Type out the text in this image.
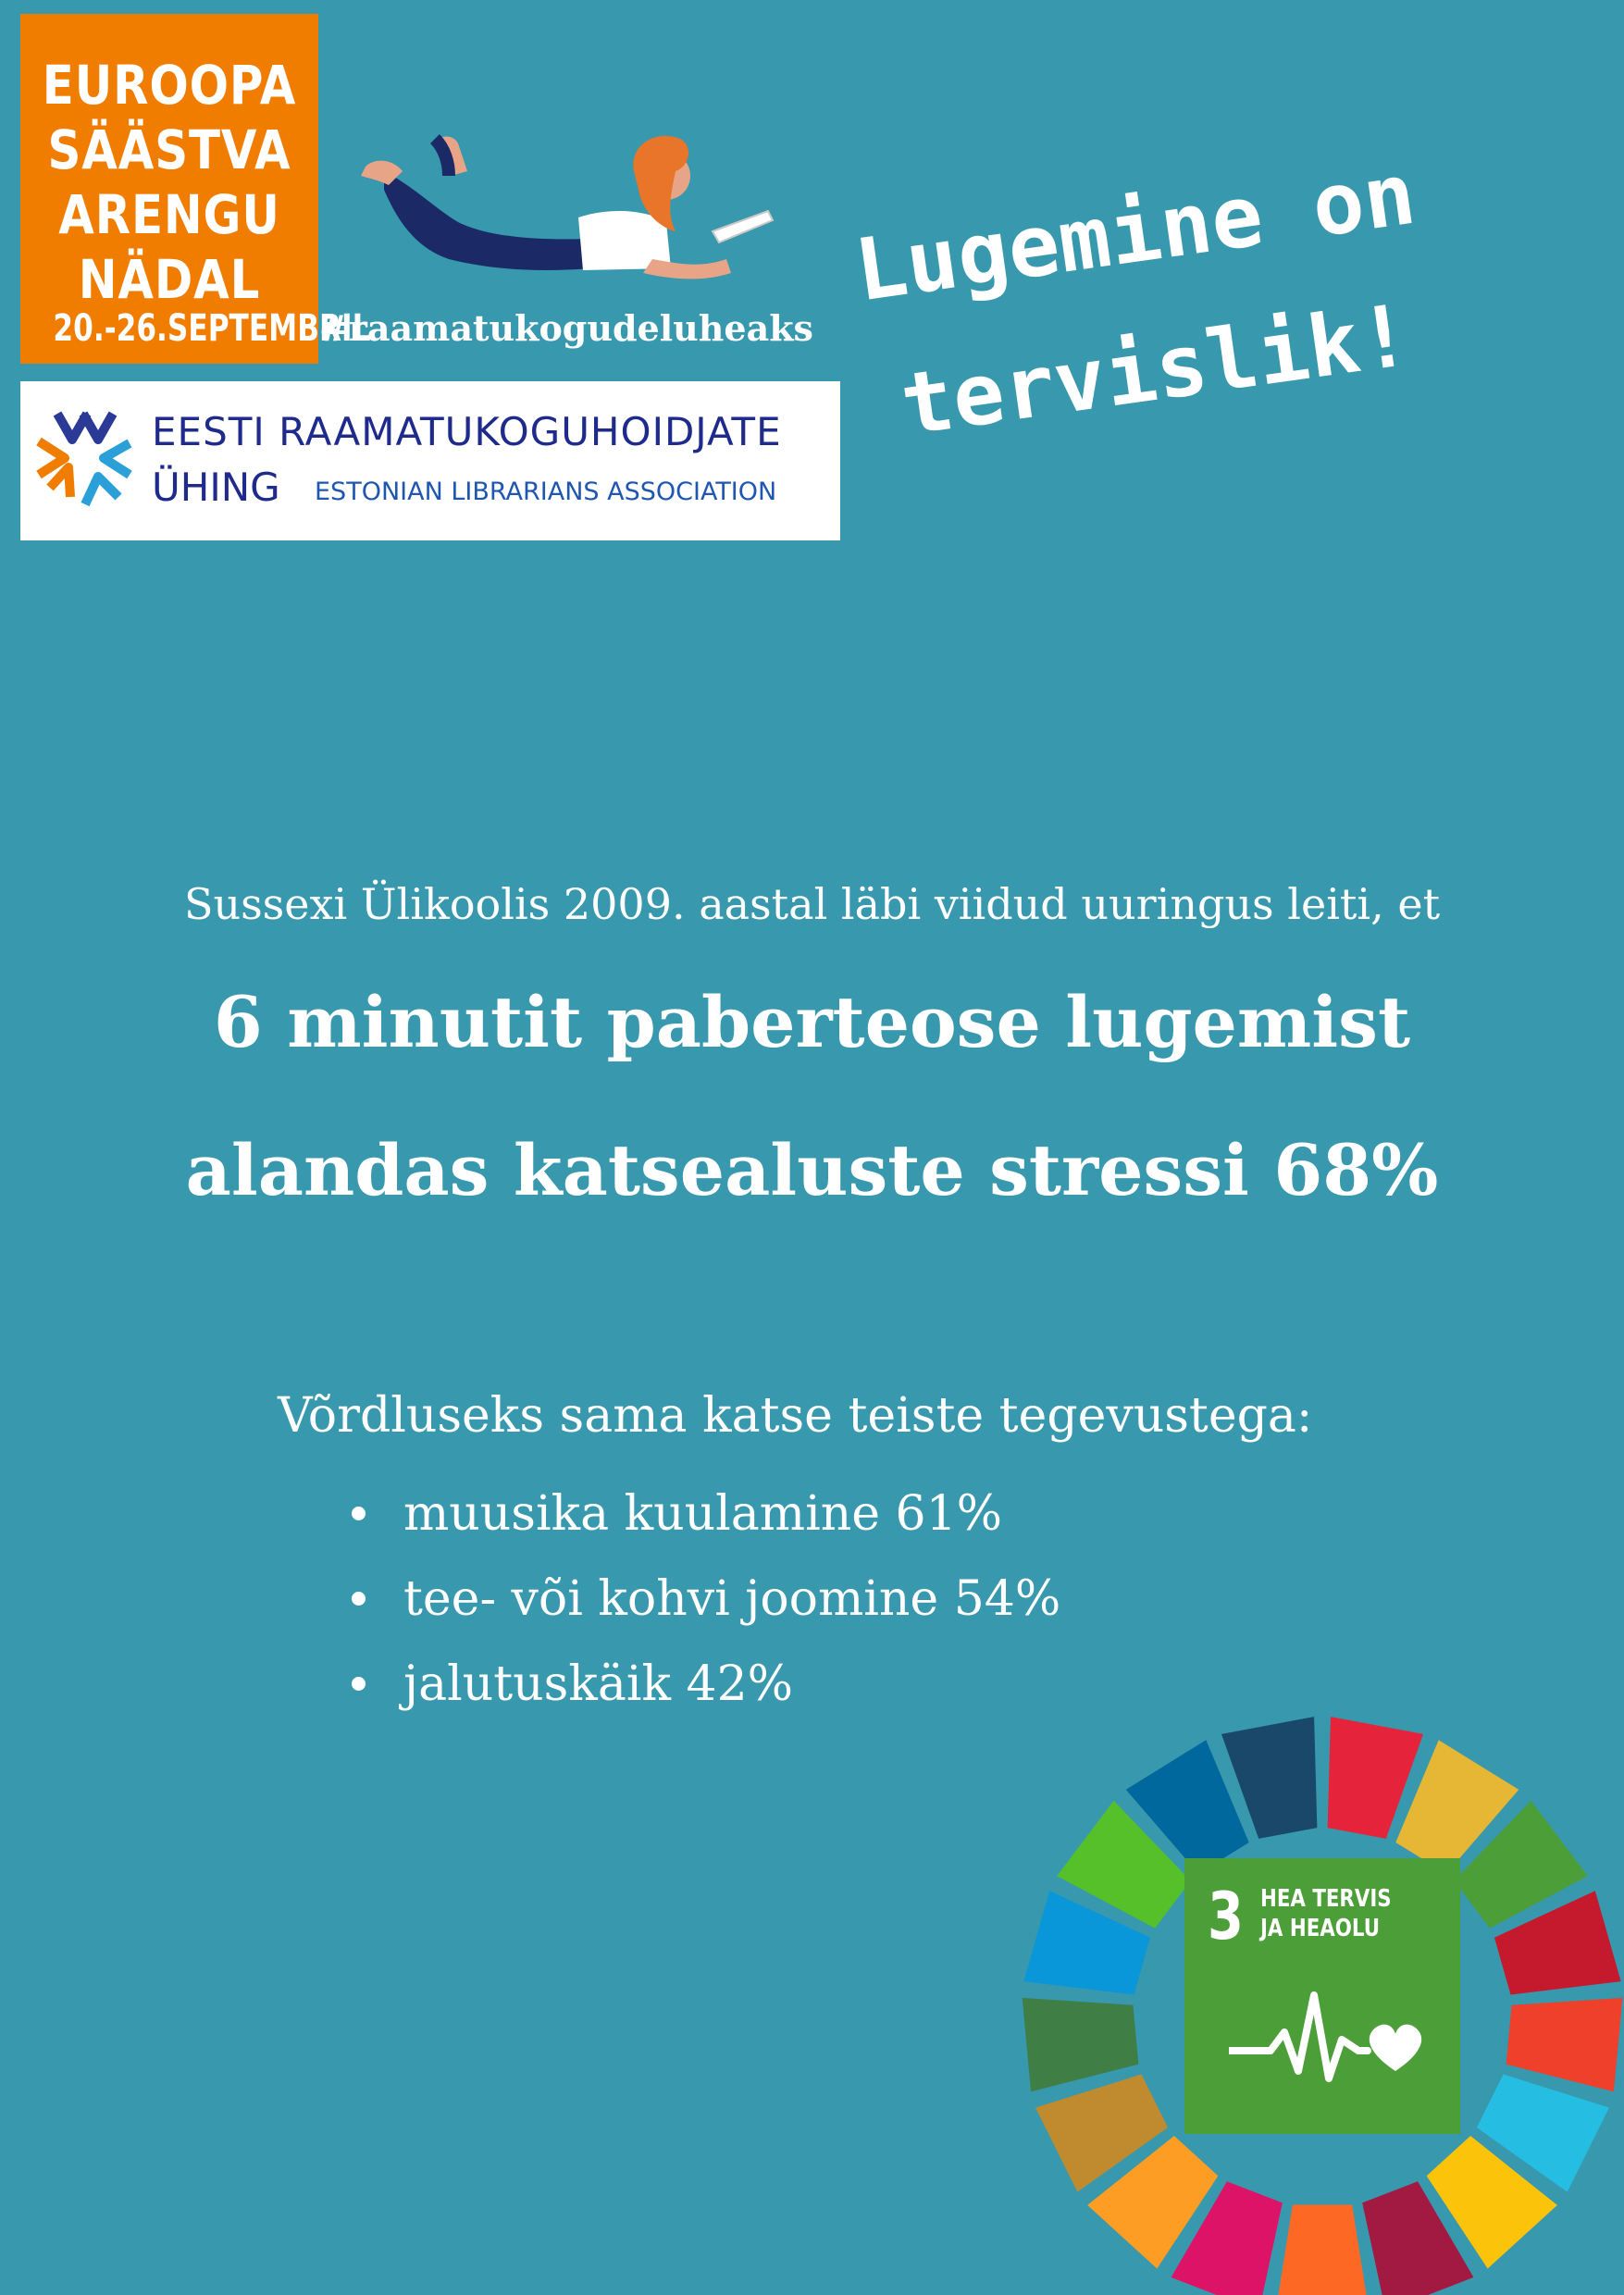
EUROOPA
SÄÄSTVA
ARENGU
NÄDAL
20.-26.SEPTEMBRIL
#raamatukogudeluheaks
EESTI RAAMATUKOGUHOIDJATE
ÜHING ESTONIAN LIBRARIANS ASSOCIATION
Lugemine on
tervislik!
Sussexi Ülikoolis 2009. aastal läbi viidud uuringus leiti, et
6 minutit paberteose lugemist
alandas katsealuste stressi 68%
Võrdluseks sama katse teiste tegevustega:
muusika kuulamine 61%
tee- või kohvi joomine 54%
jalutuskäik 42%
3 HEA TERVIS
JA HEAOLU
